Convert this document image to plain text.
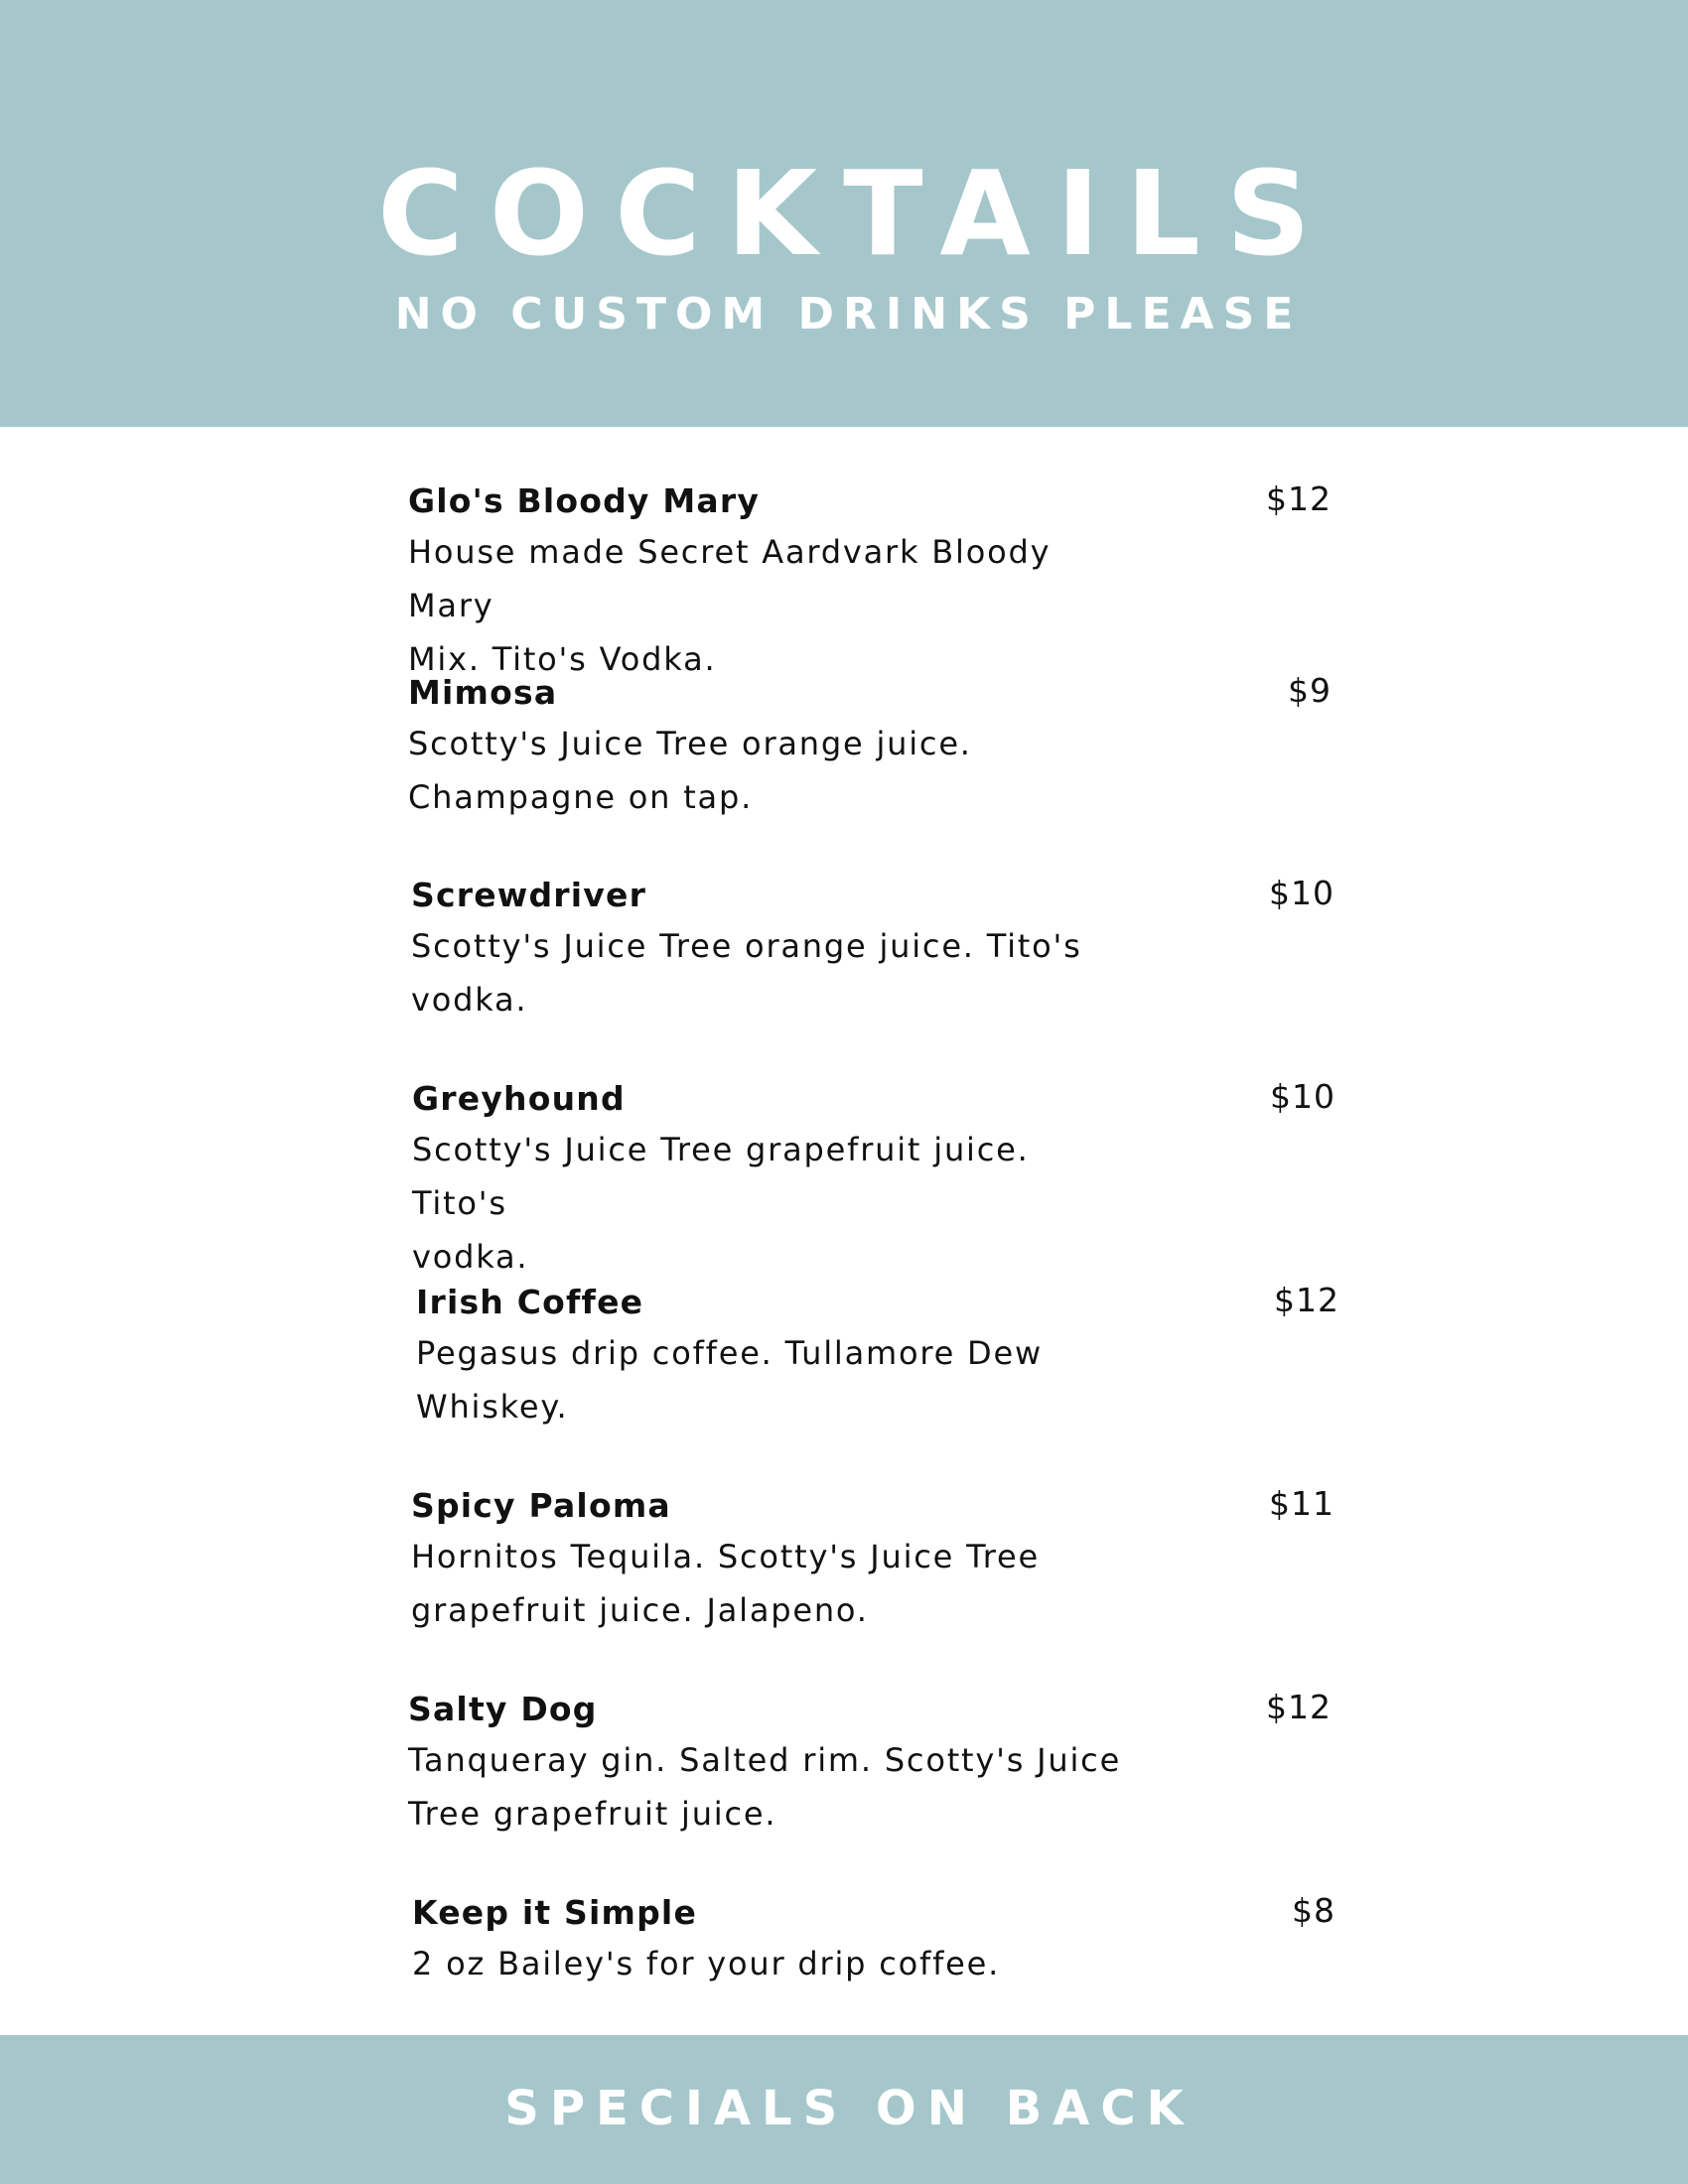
COCKTAILS
NO CUSTOM DRINKS PLEASE
Glo's Bloody Mary	$12
House made Secret Aardvark Bloody Mary
Mix. Tito's Vodka.
Mimosa	$9
Scotty's Juice Tree orange juice.
Champagne on tap.
Screwdriver	$10
Scotty's Juice Tree orange juice. Tito's
vodka.
Greyhound	$10
Scotty's Juice Tree grapefruit juice. Tito's
vodka.
Irish Coffee	$12
Pegasus drip coffee. Tullamore Dew
Whiskey.
Spicy Paloma	$11
Hornitos Tequila. Scotty's Juice Tree
grapefruit juice. Jalapeno.
Salty Dog	$12
Tanqueray gin. Salted rim. Scotty's Juice
Tree grapefruit juice.
Keep it Simple	$8
2 oz Bailey's for your drip coffee.
SPECIALS ON BACK
